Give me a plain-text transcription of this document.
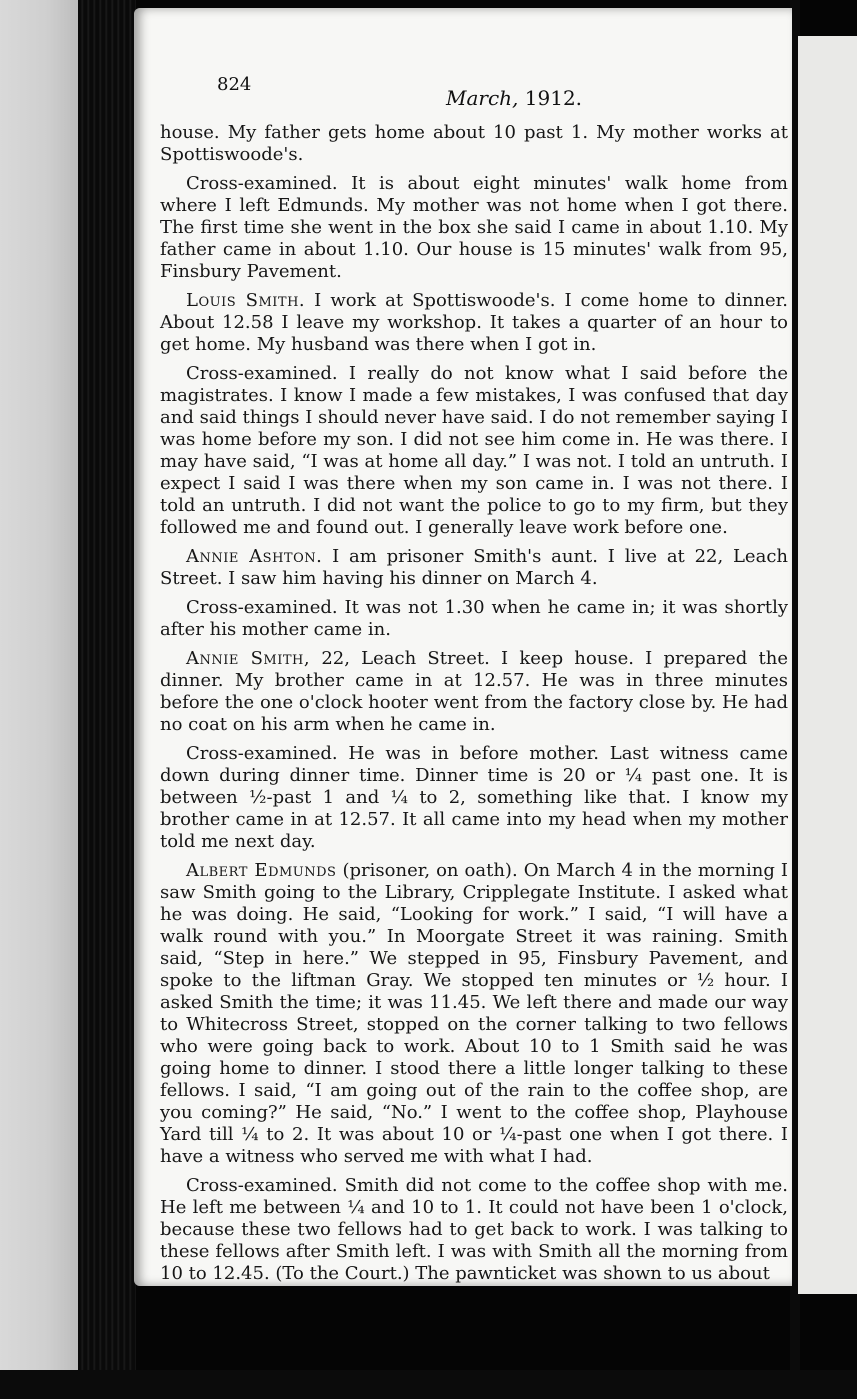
824
March, 1912.

house. My father gets home about 10 past 1. My mother works at Spottiswoode's.

Cross-examined. It is about eight minutes' walk home from where I left Edmunds. My mother was not home when I got there. The first time she went in the box she said I came in about 1.10. My father came in about 1.10. Our house is 15 minutes' walk from 95, Finsbury Pavement.

Louis Smith. I work at Spottiswoode's. I come home to dinner. About 12.58 I leave my workshop. It takes a quarter of an hour to get home. My husband was there when I got in.

Cross-examined. I really do not know what I said before the magistrates. I know I made a few mistakes, I was confused that day and said things I should never have said. I do not remember saying I was home before my son. I did not see him come in. He was there. I may have said, “I was at home all day.” I was not. I told an untruth. I expect I said I was there when my son came in. I was not there. I told an untruth. I did not want the police to go to my firm, but they followed me and found out. I generally leave work before one.

Annie Ashton. I am prisoner Smith's aunt. I live at 22, Leach Street. I saw him having his dinner on March 4.

Cross-examined. It was not 1.30 when he came in; it was shortly after his mother came in.

Annie Smith, 22, Leach Street. I keep house. I prepared the dinner. My brother came in at 12.57. He was in three minutes before the one o'clock hooter went from the factory close by. He had no coat on his arm when he came in.

Cross-examined. He was in before mother. Last witness came down during dinner time. Dinner time is 20 or ¼ past one. It is between ½-past 1 and ¼ to 2, something like that. I know my brother came in at 12.57. It all came into my head when my mother told me next day.

Albert Edmunds (prisoner, on oath). On March 4 in the morning I saw Smith going to the Library, Cripplegate Institute. I asked what he was doing. He said, “Looking for work.” I said, “I will have a walk round with you.” In Moorgate Street it was raining. Smith said, “Step in here.” We stepped in 95, Finsbury Pavement, and spoke to the liftman Gray. We stopped ten minutes or ½ hour. I asked Smith the time; it was 11.45. We left there and made our way to Whitecross Street, stopped on the corner talking to two fellows who were going back to work. About 10 to 1 Smith said he was going home to dinner. I stood there a little longer talking to these fellows. I said, “I am going out of the rain to the coffee shop, are you coming?” He said, “No.” I went to the coffee shop, Playhouse Yard till ¼ to 2. It was about 10 or ¼-past one when I got there. I have a witness who served me with what I had.

Cross-examined. Smith did not come to the coffee shop with me. He left me between ¼ and 10 to 1. It could not have been 1 o'clock, because these two fellows had to get back to work. I was talking to these fellows after Smith left. I was with Smith all the morning from 10 to 12.45. (To the Court.) The pawnticket was shown to us about
